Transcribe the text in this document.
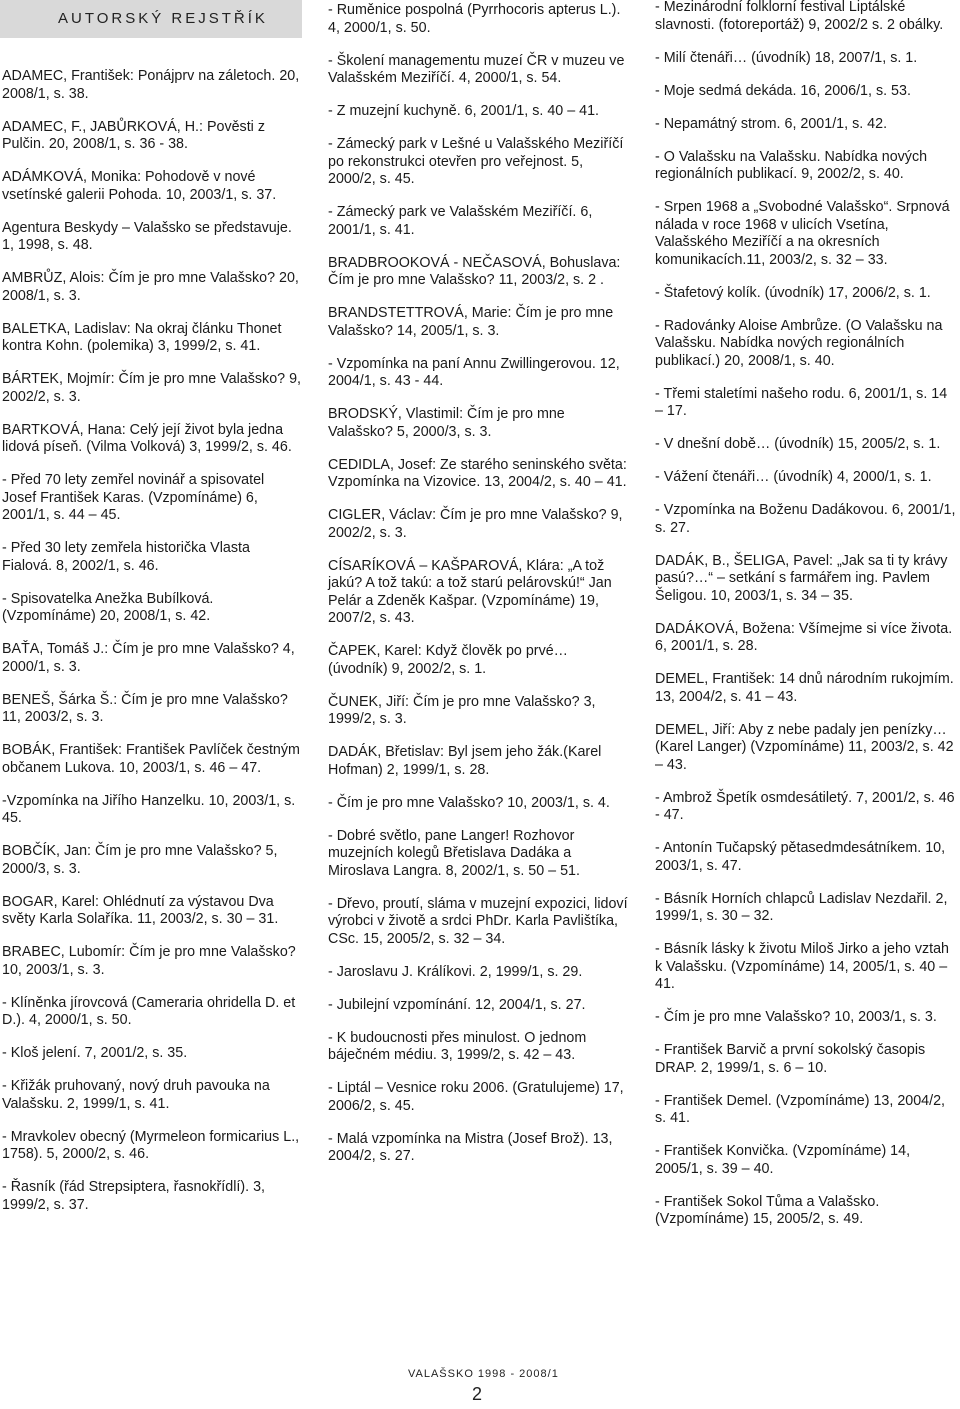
AUTORSKÝ REJSTŘÍK

ADAMEC, František: Ponájprv na záletoch. 20, 2008/1, s. 38.

ADAMEC, F., JABŮRKOVÁ, H.: Pověsti z Pulčin. 20, 2008/1, s. 36 - 38.

ADÁMKOVÁ, Monika: Pohodově v nové vsetínské galerii Pohoda. 10, 2003/1, s. 37.

Agentura Beskydy – Valašsko se představuje. 1, 1998, s. 48.

AMBRŮZ, Alois: Čím je pro mne Valašsko? 20, 2008/1, s. 3.

BALETKA, Ladislav: Na okraj článku Thonet kontra Kohn. (polemika) 3, 1999/2, s. 41.

BÁRTEK, Mojmír: Čím je pro mne Valašsko? 9, 2002/2, s. 3.

BARTKOVÁ, Hana: Celý její život byla jedna lidová píseň. (Vilma Volková) 3, 1999/2, s. 46.

- Před 70 lety zemřel novinář a spisovatel Josef František Karas. (Vzpomínáme) 6, 2001/1, s. 44 – 45.

- Před 30 lety zemřela historička Vlasta Fialová. 8, 2002/1, s. 46.

- Spisovatelka Anežka Bubílková. (Vzpomínáme) 20, 2008/1, s. 42.

BAŤA, Tomáš J.: Čím je pro mne Valašsko? 4, 2000/1, s. 3.

BENEŠ, Šárka Š.: Čím je pro mne Valašsko? 11, 2003/2, s. 3.

BOBÁK, František: František Pavlíček čestným občanem Lukova. 10, 2003/1, s. 46 – 47.

-Vzpomínka na Jiřího Hanzelku. 10, 2003/1, s. 45.

BOBČÍK, Jan: Čím je pro mne Valašsko? 5, 2000/3, s. 3.

BOGAR, Karel: Ohlédnutí za výstavou Dva světy Karla Solaříka. 11, 2003/2, s. 30 – 31.

BRABEC, Lubomír: Čím je pro mne Valašsko? 10, 2003/1, s. 3.

- Klíněnka jírovcová (Cameraria ohridella D. et D.). 4, 2000/1, s. 50.

- Kloš jelení. 7, 2001/2, s. 35.

- Křižák pruhovaný, nový druh pavouka na Valašsku. 2, 1999/1, s. 41.

- Mravkolev obecný (Myrmeleon formicarius L., 1758). 5, 2000/2, s. 46.

- Řasník (řád Strepsiptera, řasnokřídlí). 3, 1999/2, s. 37.

- Ruměnice pospolná (Pyrrhocoris apterus L.). 4, 2000/1, s. 50.

- Školení managementu muzeí ČR v muzeu ve Valašském Meziříčí. 4, 2000/1, s. 54.

- Z muzejní kuchyně. 6, 2001/1, s. 40 – 41.

- Zámecký park v Lešné u Valašského Meziříčí po rekonstrukci otevřen pro veřejnost. 5, 2000/2, s. 45.

- Zámecký park ve Valašském Meziříčí. 6, 2001/1, s. 41.

BRADBROOKOVÁ - NEČASOVÁ, Bohuslava: Čím je pro mne Valašsko? 11, 2003/2, s. 2 .

BRANDSTETTROVÁ, Marie: Čím je pro mne Valašsko? 14, 2005/1, s. 3.

- Vzpomínka na paní Annu Zwillingerovou. 12, 2004/1, s. 43 - 44.

BRODSKÝ, Vlastimil: Čím je pro mne Valašsko? 5, 2000/3, s. 3.

CEDIDLA, Josef: Ze starého seninského světa: Vzpomínka na Vizovice. 13, 2004/2, s. 40 – 41.

CIGLER, Václav: Čím je pro mne Valašsko? 9, 2002/2, s. 3.

CÍSARÍKOVÁ – KAŠPAROVÁ, Klára: „A tož jakú? A tož takú: a tož starú pelárovskú!“ Jan Pelár a Zdeněk Kašpar. (Vzpomínáme) 19, 2007/2, s. 43.

ČAPEK, Karel: Když člověk po prvé… (úvodník) 9, 2002/2, s. 1.

ČUNEK, Jiří: Čím je pro mne Valašsko? 3, 1999/2, s. 3.

DADÁK, Břetislav: Byl jsem jeho žák.(Karel Hofman) 2, 1999/1, s. 28.

- Čím je pro mne Valašsko? 10, 2003/1, s. 4.

- Dobré světlo, pane Langer! Rozhovor muzejních kolegů Břetislava Dadáka a Miroslava Langra. 8, 2002/1, s. 50 – 51.

- Dřevo, proutí, sláma v muzejní expozici, lidoví výrobci v životě a srdci PhDr. Karla Pavlištíka, CSc. 15, 2005/2, s. 32 – 34.

- Jaroslavu J. Králíkovi. 2, 1999/1, s. 29.

- Jubilejní vzpomínání. 12, 2004/1, s. 27.

- K budoucnosti přes minulost. O jednom báječném médiu. 3, 1999/2, s. 42 – 43.

- Liptál – Vesnice roku 2006. (Gratulujeme) 17, 2006/2, s. 45.

- Malá vzpomínka na Mistra (Josef Brož). 13, 2004/2, s. 27.

- Mezinárodní folklorní festival Liptálské slavnosti. (fotoreportáž) 9, 2002/2 s. 2 obálky.

- Milí čtenáři… (úvodník) 18, 2007/1, s. 1.

- Moje sedmá dekáda. 16, 2006/1, s. 53.

- Nepamátný strom. 6, 2001/1, s. 42.

- O Valašsku na Valašsku. Nabídka nových regionálních publikací. 9, 2002/2, s. 40.

- Srpen 1968 a „Svobodné Valašsko“. Srpnová nálada v roce 1968 v ulicích Vsetína, Valašského Meziříčí a na okresních komunikacích.11, 2003/2, s. 32 – 33.

- Štafetový kolík. (úvodník) 17, 2006/2, s. 1.

- Radovánky Aloise Ambrůze. (O Valašsku na Valašsku. Nabídka nových regionálních publikací.) 20, 2008/1, s. 40.

- Třemi staletími našeho rodu. 6, 2001/1, s. 14 – 17.

- V dnešní době… (úvodník) 15, 2005/2, s. 1.

- Vážení čtenáři… (úvodník) 4, 2000/1, s. 1.

- Vzpomínka na Boženu Dadákovou. 6, 2001/1, s. 27.

DADÁK, B., ŠELIGA, Pavel: „Jak sa ti ty krávy pasú?…“ – setkání s farmářem ing. Pavlem Šeligou. 10, 2003/1, s. 34 – 35.

DADÁKOVÁ, Božena: Všímejme si více života. 6, 2001/1, s. 28.

DEMEL, František: 14 dnů národním rukojmím. 13, 2004/2, s. 41 – 43.

DEMEL, Jiří: Aby z nebe padaly jen penízky… (Karel Langer) (Vzpomínáme) 11, 2003/2, s. 42 – 43.

- Ambrož Špetík osmdesátiletý. 7, 2001/2, s. 46 - 47.

- Antonín Tučapský pětasedmdesátníkem. 10, 2003/1, s. 47.

- Básník Horních chlapců Ladislav Nezdařil. 2, 1999/1, s. 30 – 32.

- Básník lásky k životu Miloš Jirko a jeho vztah k Valašsku. (Vzpomínáme) 14, 2005/1, s. 40 – 41.

- Čím je pro mne Valašsko? 10, 2003/1, s. 3.

- František Barvič a první sokolský časopis DRAP. 2, 1999/1, s. 6 – 10.

- František Demel. (Vzpomínáme) 13, 2004/2, s. 41.

- František Konvička. (Vzpomínáme) 14, 2005/1, s. 39 – 40.

- František Sokol Tůma a Valašsko. (Vzpomínáme) 15, 2005/2, s. 49.

VALAŠSKO 1998 - 2008/1
2
